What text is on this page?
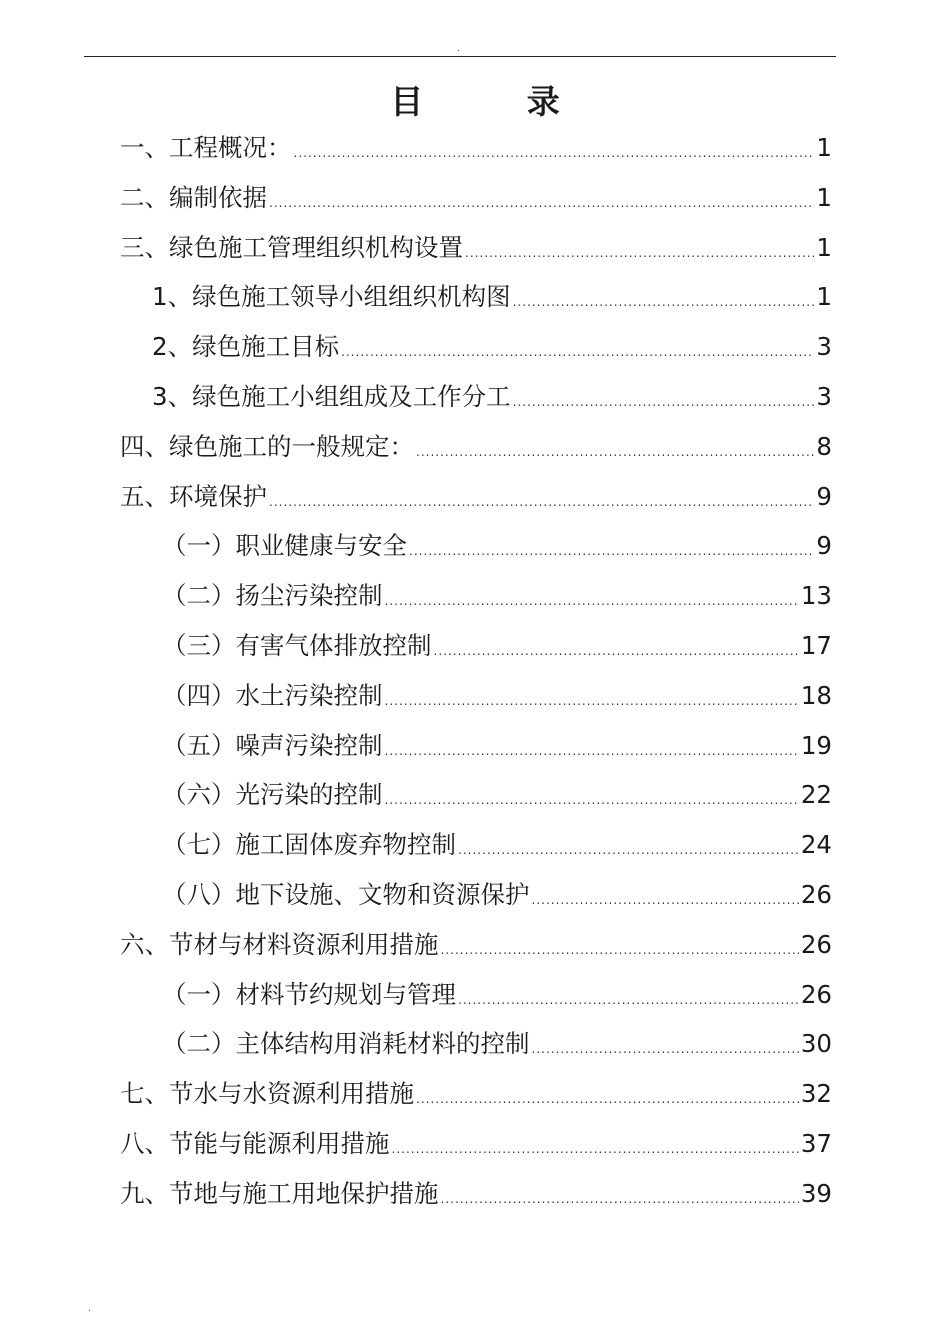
.
目 录
一、工程概况： .....	1
二、编制依据 .....	1
三、绿色施工管理组织机构设置 .....	1
1、绿色施工领导小组组织机构图 .....	1
2、绿色施工目标 .....	3
3、绿色施工小组组成及工作分工 .....	3
四、绿色施工的一般规定： .....	8
五、环境保护 .....	9
（一）职业健康与安全 .....	9
（二）扬尘污染控制 .....	13
（三）有害气体排放控制 .....	17
（四）水土污染控制 .....	18
（五）噪声污染控制 .....	19
（六）光污染的控制 .....	22
（七）施工固体废弃物控制 .....	24
（八）地下设施、文物和资源保护 .....	26
六、节材与材料资源利用措施 .....	26
（一）材料节约规划与管理 .....	26
（二）主体结构用消耗材料的控制 .....	30
七、节水与水资源利用措施 .....	32
八、节能与能源利用措施 .....	37
九、节地与施工用地保护措施 .....	39
.
